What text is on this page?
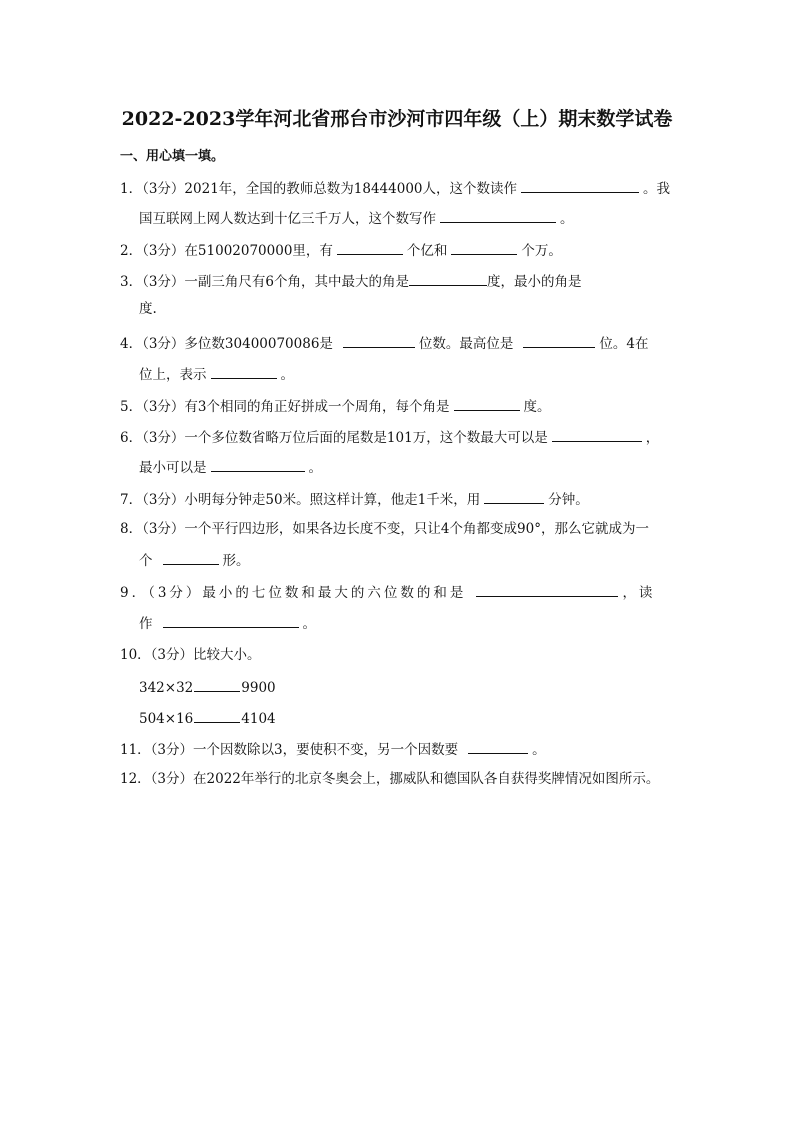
2022-2023学年河北省邢台市沙河市四年级（上）期末数学试卷
一、用心填一填。
1．（3分）2021年，全国的教师总数为18444000人，这个数读作	。我
国互联网上网人数达到十亿三千万人，这个数写作	。
2．（3分）在51002070000里，有	个亿和	个万。
3．（3分）一副三角尺有6个角，其中最大的角是	度，最小的角是
度.
4．（3分）多位数30400070086是	位数。最高位是	位。4在
位上，表示	。
5．（3分）有3个相同的角正好拼成一个周角，每个角是	度。
6．（3分）一个多位数省略万位后面的尾数是101万，这个数最大可以是	，
最小可以是	。
7．（3分）小明每分钟走50米。照这样计算，他走1千米，用	分钟。
8．（3分）一个平行四边形，如果各边长度不变，只让4个角都变成90°，那么它就成为一
个	形。
9．（3分）最小的七位数和最大的六位数的和是	，读
作	。
10．（3分）比较大小。
342×32	9900
504×16	4104
11．（3分）一个因数除以3，要使积不变，另一个因数要	。
12．（3分）在2022年举行的北京冬奥会上，挪威队和德国队各自获得奖牌情况如图所示。
